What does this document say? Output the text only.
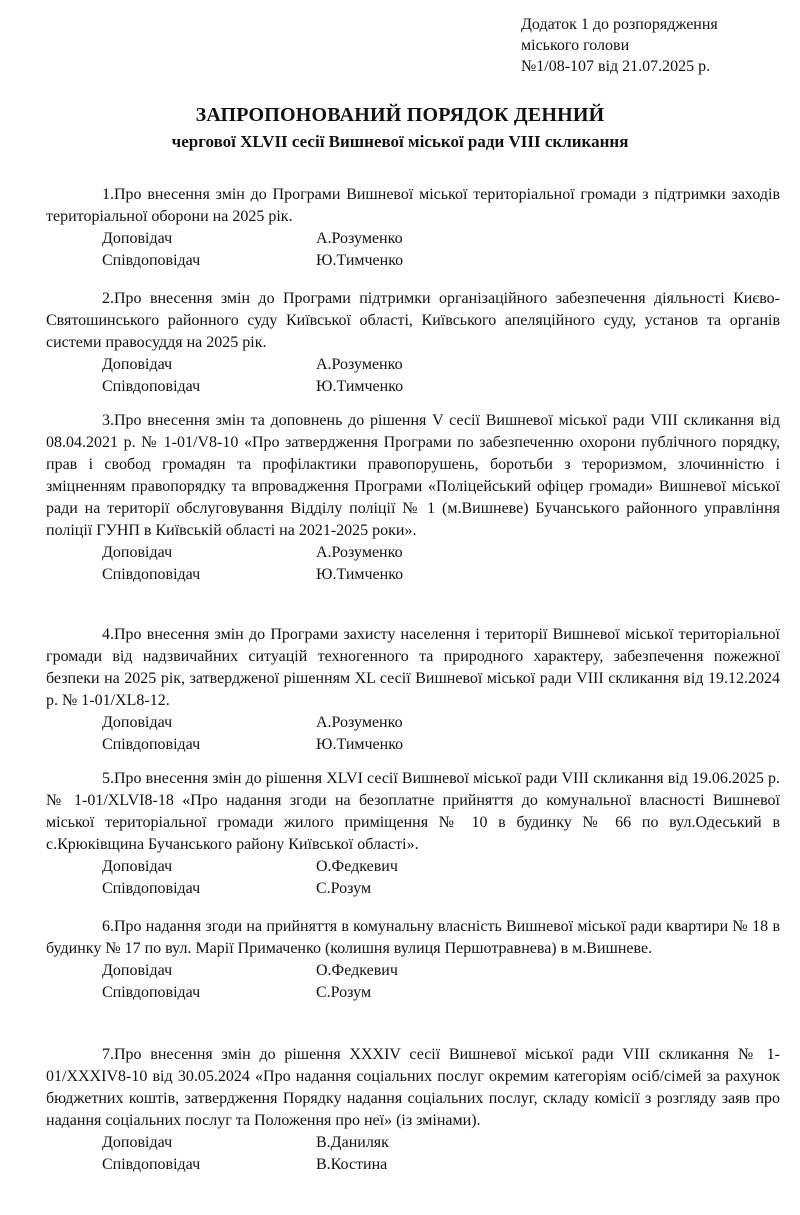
Додаток 1 до розпорядження
міського голови
№1/08-107 від 21.07.2025 р.
ЗАПРОПОНОВАНИЙ ПОРЯДОК ДЕННИЙ
чергової XLVII сесії Вишневої міської ради VIII скликання
1.Про внесення змін до Програми Вишневої міської територіальної громади з підтримки заходів територіальної оборони на 2025 рік.
Доповідач	А.Розуменко
Співдоповідач	Ю.Тимченко
2.Про внесення змін до Програми підтримки організаційного забезпечення діяльності Києво-Святошинського районного суду Київської області, Київського апеляційного суду, установ та органів системи правосуддя на 2025 рік.
Доповідач	А.Розуменко
Співдоповідач	Ю.Тимченко
3.Про внесення змін та доповнень до рішення V сесії Вишневої міської ради VIII скликання від 08.04.2021 р. № 1-01/V8-10 «Про затвердження Програми по забезпеченню охорони публічного порядку, прав і свобод громадян та профілактики правопорушень, боротьби з тероризмом, злочинністю і зміцненням правопорядку та впровадження Програми «Поліцейський офіцер громади» Вишневої міської ради на території обслуговування Відділу поліції № 1 (м.Вишневе) Бучанського районного управління поліції ГУНП в Київській області на 2021-2025 роки».
Доповідач	А.Розуменко
Співдоповідач	Ю.Тимченко
4.Про внесення змін до Програми захисту населення і території Вишневої міської територіальної громади від надзвичайних ситуацій техногенного та природного характеру, забезпечення пожежної безпеки на 2025 рік, затвердженої рішенням XL сесії Вишневої міської ради VIII скликання від 19.12.2024 р. № 1-01/XL8-12.
Доповідач	А.Розуменко
Співдоповідач	Ю.Тимченко
5.Про внесення змін до рішення XLVI сесії Вишневої міської ради VIII скликання від 19.06.2025 р. № 1-01/XLVI8-18 «Про надання згоди на безоплатне прийняття до комунальної власності Вишневої міської територіальної громади жилого приміщення № 10 в будинку № 66 по вул.Одеський в с.Крюківщина Бучанського району Київської області».
Доповідач	О.Федкевич
Співдоповідач	С.Розум
6.Про надання згоди на прийняття в комунальну власність Вишневої міської ради квартири № 18 в будинку № 17 по вул. Марії Примаченко (колишня вулиця Першотравнева) в м.Вишневе.
Доповідач	О.Федкевич
Співдоповідач	С.Розум
7.Про внесення змін до рішення XXXIV сесії Вишневої міської ради VIII скликання № 1-01/XXXIV8-10 від 30.05.2024 «Про надання соціальних послуг окремим категоріям осіб/сімей за рахунок бюджетних коштів, затвердження Порядку надання соціальних послуг, складу комісії з розгляду заяв про надання соціальних послуг та Положення про неї» (із змінами).
Доповідач	В.Даниляк
Співдоповідач	В.Костина
